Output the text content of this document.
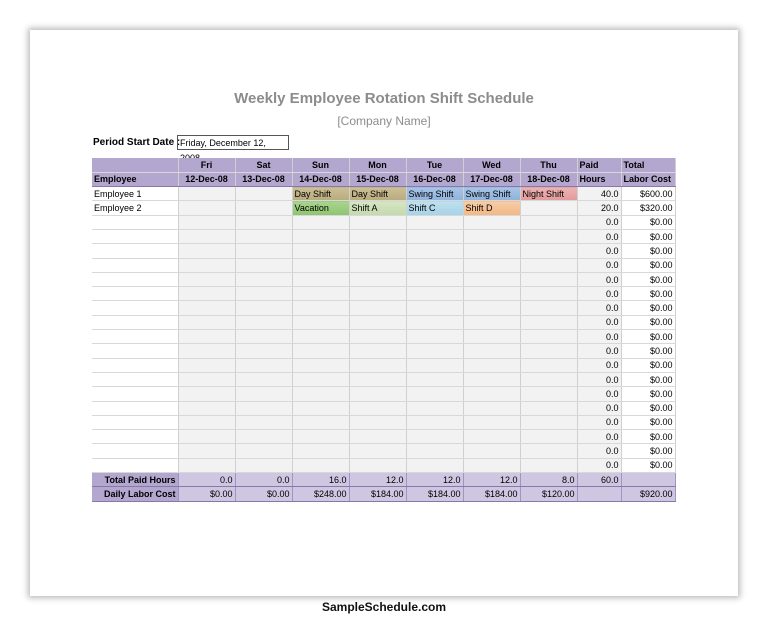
Weekly Employee Rotation Shift Schedule
[Company Name]
Period Start Date : Friday, December 12,
	Fri	Sat	Sun	Mon	Tue	Wed	Thu	Paid	Total
Employee	12-Dec-08	13-Dec-08	14-Dec-08	15-Dec-08	16-Dec-08	17-Dec-08	18-Dec-08	Hours	Labor Cost
Employee 1			Day Shift	Day Shift	Swing Shift	Swing Shift	Night Shift	40.0	$600.00
Employee 2			Vacation	Shift A	Shift C	Shift D		20.0	$320.00
								0.0	$0.00
								0.0	$0.00
								0.0	$0.00
								0.0	$0.00
								0.0	$0.00
								0.0	$0.00
								0.0	$0.00
								0.0	$0.00
								0.0	$0.00
								0.0	$0.00
								0.0	$0.00
								0.0	$0.00
								0.0	$0.00
								0.0	$0.00
								0.0	$0.00
								0.0	$0.00
								0.0	$0.00
								0.0	$0.00
Total Paid Hours	0.0	0.0	16.0	12.0	12.0	12.0	8.0	60.0	
Daily Labor Cost	$0.00	$0.00	$248.00	$184.00	$184.00	$184.00	$120.00		$920.00
SampleSchedule.com
